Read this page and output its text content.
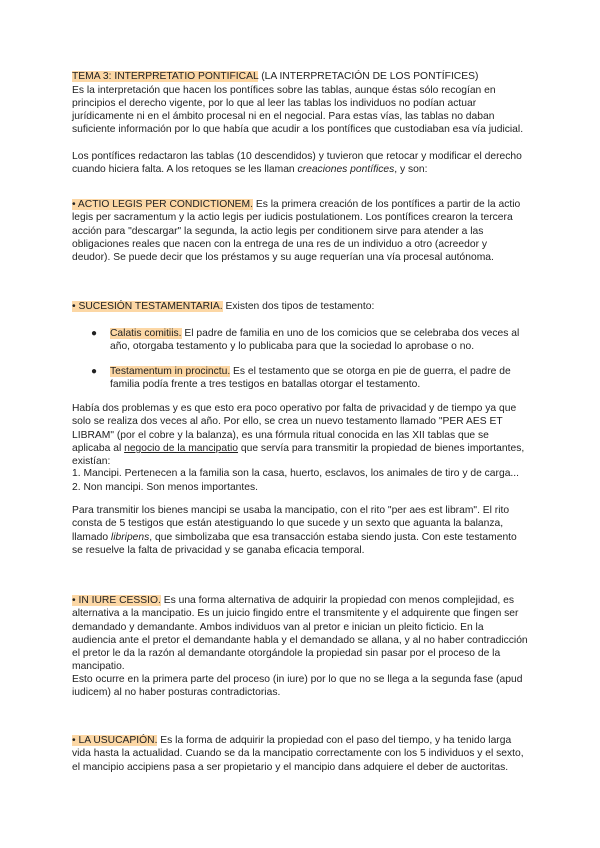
TEMA 3: INTERPRETATIO PONTIFICAL (LA INTERPRETACIÓN DE LOS PONTÍFICES)

Es la interpretación que hacen los pontífices sobre las tablas, aunque éstas sólo recogían en principios el derecho vigente, por lo que al leer las tablas los individuos no podían actuar jurídicamente ni en el ámbito procesal ni en el negocial. Para estas vías, las tablas no daban suficiente información por lo que había que acudir a los pontífices que custodiaban esa vía judicial.

Los pontífices redactaron las tablas (10 descendidos) y tuvieron que retocar y modificar el derecho cuando hiciera falta. A los retoques se les llaman creaciones pontífices, y son:

• ACTIO LEGIS PER CONDICTIONEM. Es la primera creación de los pontífices a partir de la actio legis per sacramentum y la actio legis per iudicis postulationem. Los pontífices crearon la tercera acción para "descargar" la segunda, la actio legis per conditionem sirve para atender a las obligaciones reales que nacen con la entrega de una res de un individuo a otro (acreedor y deudor). Se puede decir que los préstamos y su auge requerían una vía procesal autónoma.

• SUCESIÓN TESTAMENTARIA. Existen dos tipos de testamento:

● Calatis comitiis. El padre de familia en uno de los comicios que se celebraba dos veces al año, otorgaba testamento y lo publicaba para que la sociedad lo aprobase o no.

● Testamentum in procinctu. Es el testamento que se otorga en pie de guerra, el padre de familia podía frente a tres testigos en batallas otorgar el testamento.

Había dos problemas y es que esto era poco operativo por falta de privacidad y de tiempo ya que solo se realiza dos veces al año. Por ello, se crea un nuevo testamento llamado "PER AES ET LIBRAM" (por el cobre y la balanza), es una fórmula ritual conocida en las XII tablas que se aplicaba al negocio de la mancipatio que servía para transmitir la propiedad de bienes importantes, existían:

1. Mancipi. Pertenecen a la familia son la casa, huerto, esclavos, los animales de tiro y de carga...

2. Non mancipi. Son menos importantes.

Para transmitir los bienes mancipi se usaba la mancipatio, con el rito "per aes est libram". El rito consta de 5 testigos que están atestiguando lo que sucede y un sexto que aguanta la balanza, llamado libripens, que simbolizaba que esa transacción estaba siendo justa. Con este testamento se resuelve la falta de privacidad y se ganaba eficacia temporal.

• IN IURE CESSIO. Es una forma alternativa de adquirir la propiedad con menos complejidad, es alternativa a la mancipatio. Es un juicio fingido entre el transmitente y el adquirente que fingen ser demandado y demandante. Ambos individuos van al pretor e inician un pleito ficticio. En la audiencia ante el pretor el demandante habla y el demandado se allana, y al no haber contradicción el pretor le da la razón al demandante otorgándole la propiedad sin pasar por el proceso de la mancipatio.

Esto ocurre en la primera parte del proceso (in iure) por lo que no se llega a la segunda fase (apud iudicem) al no haber posturas contradictorias.

• LA USUCAPIÓN. Es la forma de adquirir la propiedad con el paso del tiempo, y ha tenido larga vida hasta la actualidad. Cuando se da la mancipatio correctamente con los 5 individuos y el sexto, el mancipio accipiens pasa a ser propietario y el mancipio dans adquiere el deber de auctoritas.
